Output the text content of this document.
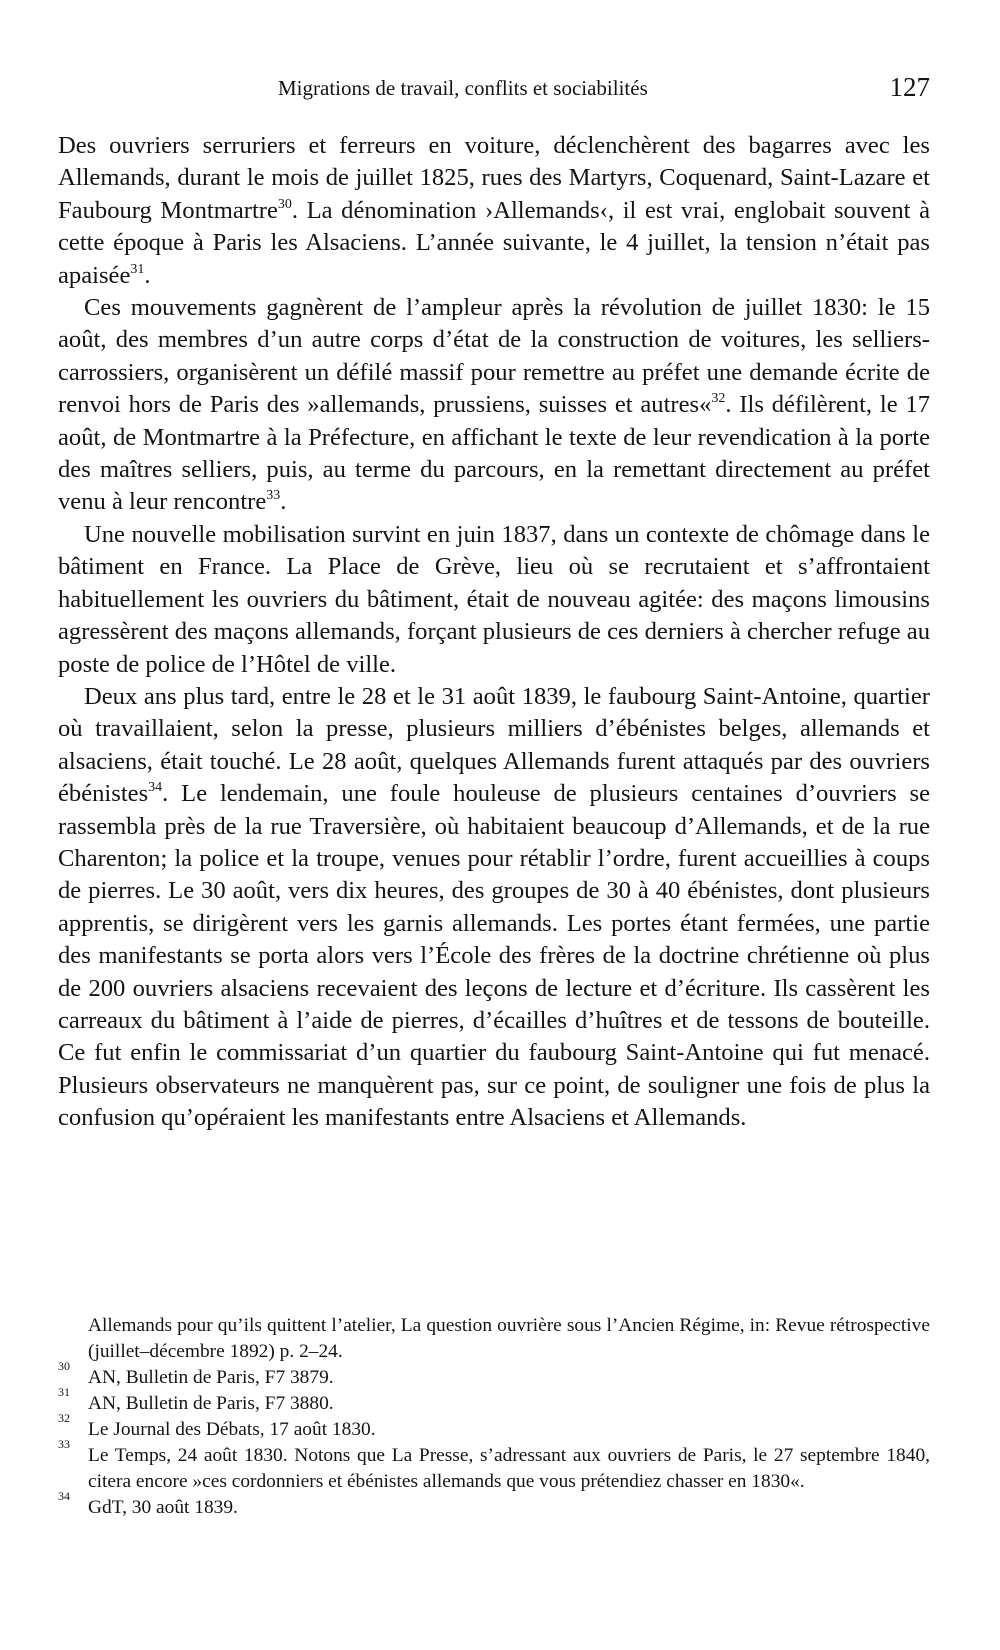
Migrations de travail, conflits et sociabilités	127

Des ouvriers serruriers et ferreurs en voiture, déclenchèrent des bagarres avec les Allemands, durant le mois de juillet 1825, rues des Martyrs, Coquenard, Saint-Lazare et Faubourg Montmartre$^{30}$. La dénomination ›Allemands‹, il est vrai, englobait souvent à cette époque à Paris les Alsaciens. L’année suivante, le 4 juillet, la tension n’était pas apaisée$^{31}$.

Ces mouvements gagnèrent de l’ampleur après la révolution de juillet 1830: le 15 août, des membres d’un autre corps d’état de la construction de voitures, les selliers-carrossiers, organisèrent un défilé massif pour remettre au préfet une demande écrite de renvoi hors de Paris des »allemands, prussiens, suisses et autres«$^{32}$. Ils défilèrent, le 17 août, de Montmartre à la Préfecture, en affichant le texte de leur revendication à la porte des maîtres selliers, puis, au terme du parcours, en la remettant directement au préfet venu à leur rencontre$^{33}$.

Une nouvelle mobilisation survint en juin 1837, dans un contexte de chômage dans le bâtiment en France. La Place de Grève, lieu où se recrutaient et s’affrontaient habituellement les ouvriers du bâtiment, était de nouveau agitée: des maçons limousins agressèrent des maçons allemands, forçant plusieurs de ces derniers à chercher refuge au poste de police de l’Hôtel de ville.

Deux ans plus tard, entre le 28 et le 31 août 1839, le faubourg Saint-Antoine, quartier où travaillaient, selon la presse, plusieurs milliers d’ébénistes belges, allemands et alsaciens, était touché. Le 28 août, quelques Allemands furent attaqués par des ouvriers ébénistes$^{34}$. Le lendemain, une foule houleuse de plusieurs centaines d’ouvriers se rassembla près de la rue Traversière, où habitaient beaucoup d’Allemands, et de la rue Charenton; la police et la troupe, venues pour rétablir l’ordre, furent accueillies à coups de pierres. Le 30 août, vers dix heures, des groupes de 30 à 40 ébénistes, dont plusieurs apprentis, se dirigèrent vers les garnis allemands. Les portes étant fermées, une partie des manifestants se porta alors vers l’École des frères de la doctrine chrétienne où plus de 200 ouvriers alsaciens recevaient des leçons de lecture et d’écriture. Ils cassèrent les carreaux du bâtiment à l’aide de pierres, d’écailles d’huîtres et de tessons de bouteille. Ce fut enfin le commissariat d’un quartier du faubourg Saint-Antoine qui fut menacé. Plusieurs observateurs ne manquèrent pas, sur ce point, de souligner une fois de plus la confusion qu’opéraient les manifestants entre Alsaciens et Allemands.

Allemands pour qu’ils quittent l’atelier, La question ouvrière sous l’Ancien Régime, in: Revue rétrospective (juillet–décembre 1892) p. 2–24.
30
AN, Bulletin de Paris, F7 3879.
31
AN, Bulletin de Paris, F7 3880.
32
Le Journal des Débats, 17 août 1830.
33
Le Temps, 24 août 1830. Notons que La Presse, s’adressant aux ouvriers de Paris, le 27 septembre 1840, citera encore »ces cordonniers et ébénistes allemands que vous prétendiez chasser en 1830«.
34
GdT, 30 août 1839.
